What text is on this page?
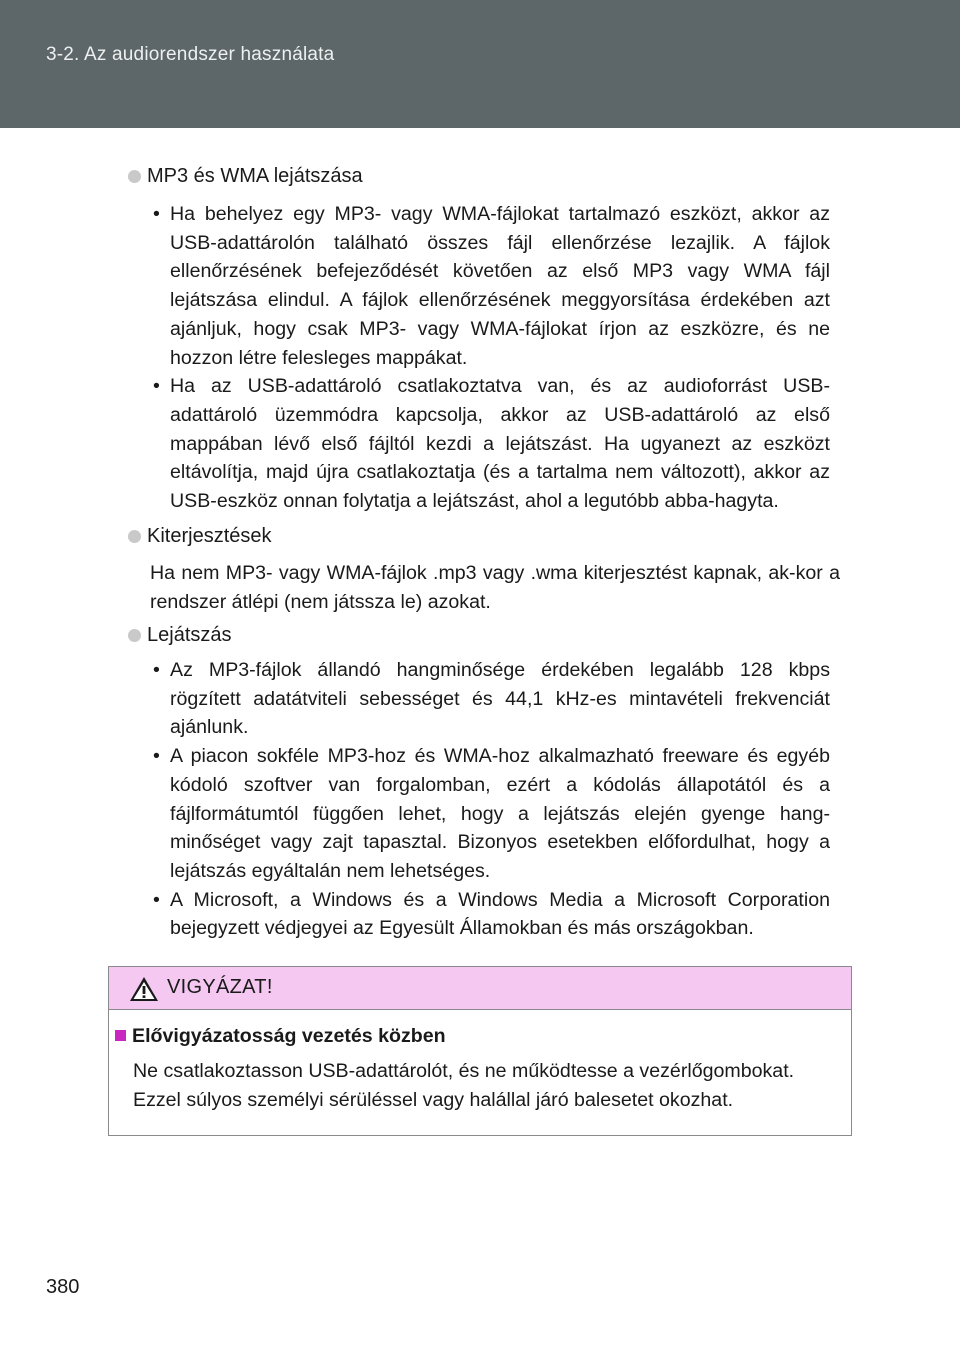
3-2. Az audiorendszer használata
MP3 és WMA lejátszása

• Ha behelyez egy MP3- vagy WMA-fájlokat tartalmazó eszközt, akkor az USB-adattárolón található összes fájl ellenőrzése lezajlik. A fájlok ellenőrzésének befejeződését követően az első MP3 vagy WMA fájl lejátszása elindul. A fájlok ellenőrzésének meggyorsítása érdekében azt ajánljuk, hogy csak MP3- vagy WMA-fájlokat írjon az eszközre, és ne hozzon létre felesleges mappákat.

• Ha az USB-adattároló csatlakoztatva van, és az audioforrást USB-adattároló üzemmódra kapcsolja, akkor az USB-adattároló az első mappában lévő első fájltól kezdi a lejátszást. Ha ugyanezt az eszközt eltávolítja, majd újra csatlakoztatja (és a tartalma nem változott), akkor az USB-eszköz onnan folytatja a lejátszást, ahol a legutóbb abba-hagyta.

Kiterjesztések
Ha nem MP3- vagy WMA-fájlok .mp3 vagy .wma kiterjesztést kapnak, ak-kor a rendszer átlépi (nem játssza le) azokat.
Lejátszás

• Az MP3-fájlok állandó hangminősége érdekében legalább 128 kbps rögzített adatátviteli sebességet és 44,1 kHz-es mintavételi frekvenciát ajánlunk.

• A piacon sokféle MP3-hoz és WMA-hoz alkalmazható freeware és egyéb kódoló szoftver van forgalomban, ezért a kódolás állapotától és a fájlformátumtól függően lehet, hogy a lejátszás elején gyenge hang-minőséget vagy zajt tapasztal. Bizonyos esetekben előfordulhat, hogy a lejátszás egyáltalán nem lehetséges.

• A Microsoft, a Windows és a Windows Media a Microsoft Corporation bejegyzett védjegyei az Egyesült Államokban és más országokban.

VIGYÁZAT!
Elővigyázatosság vezetés közben
Ne csatlakoztasson USB-adattárolót, és ne működtesse a vezérlőgombokat. Ezzel súlyos személyi sérüléssel vagy halállal járó balesetet okozhat.
380
